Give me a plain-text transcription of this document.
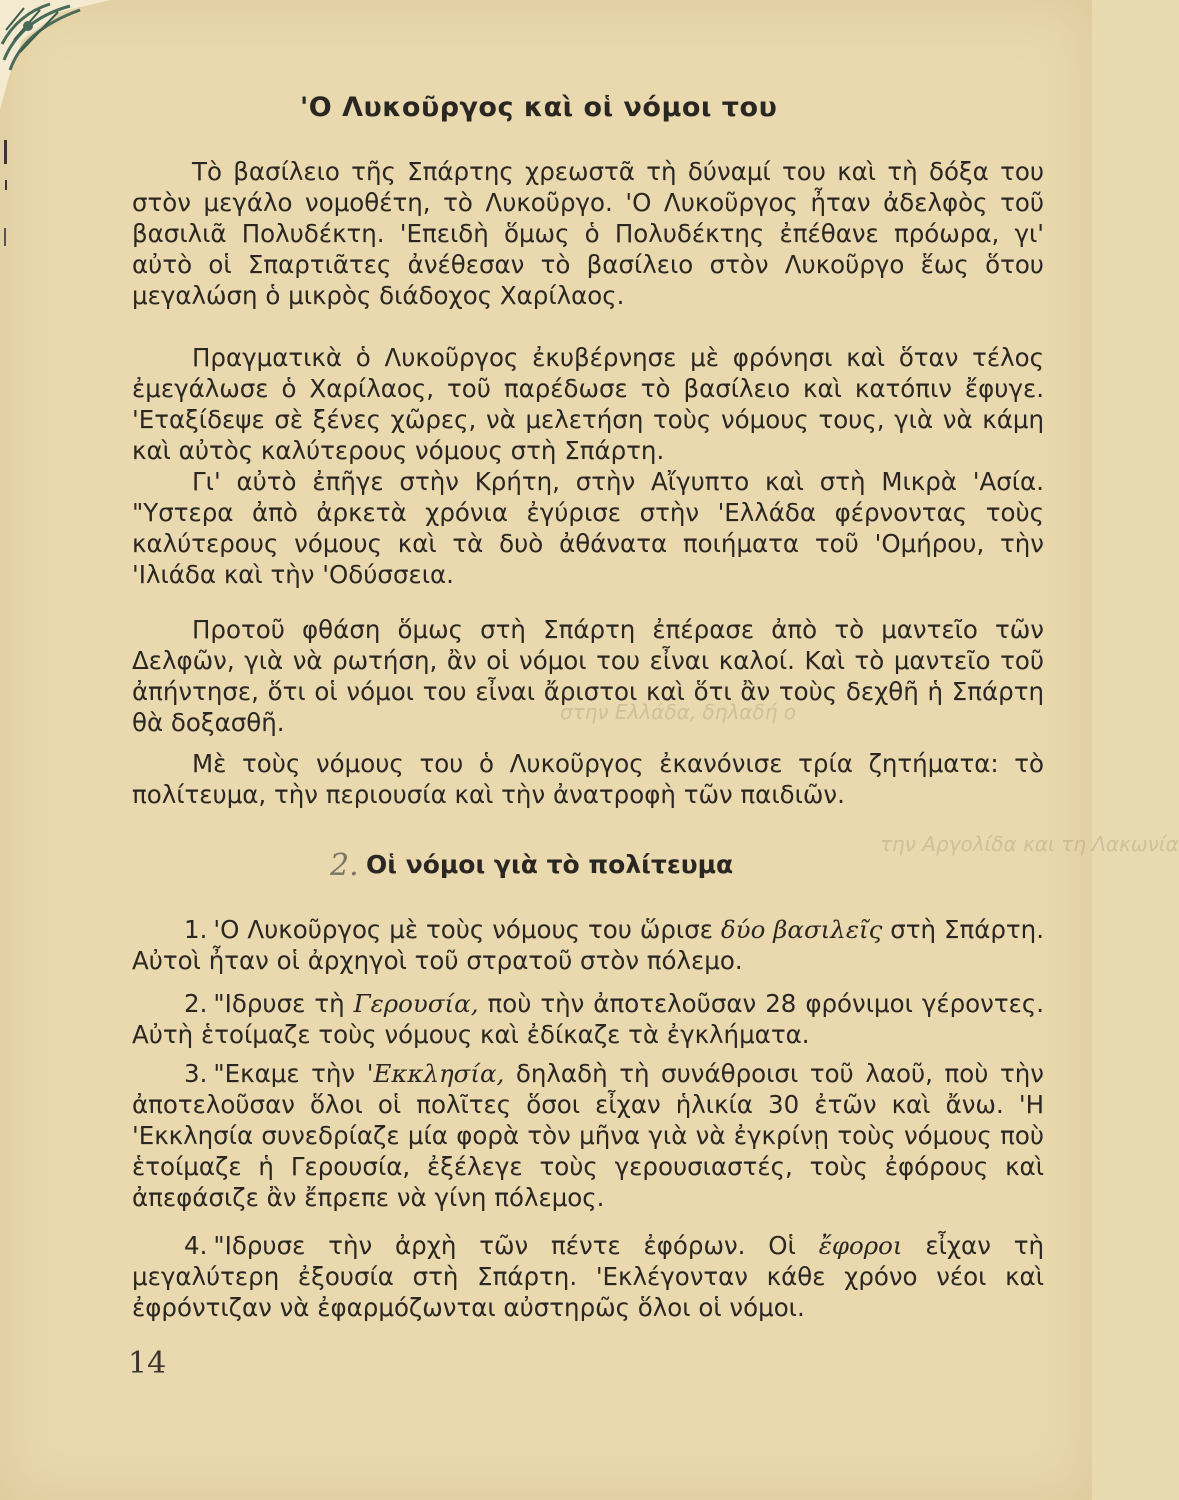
στην Ελλάδα, δηλαδή ο
την Αργολίδα και τη Λακωνία
'Ο Λυκοῦργος καὶ οἱ νόμοι του

Τὸ βασίλειο τῆς Σπάρτης χρεωστᾶ τὴ δύναμί του καὶ τὴ δόξα του στὸν μεγάλο νομοθέτη, τὸ Λυκοῦργο. 'Ο Λυκοῦργος ἦταν ἀδελφὸς τοῦ βασιλιᾶ Πολυδέκτη. 'Επειδὴ ὅμως ὁ Πολυδέκτης ἐπέθανε πρόωρα, γι' αὐτὸ οἱ Σπαρτιᾶτες ἀνέθεσαν τὸ βασίλειο στὸν Λυκοῦργο ἕως ὅτου μεγαλώση ὁ μικρὸς διάδοχος Χαρίλαος.

Πραγματικὰ ὁ Λυκοῦργος ἐκυβέρνησε μὲ φρόνησι καὶ ὅταν τέλος ἐμεγάλωσε ὁ Χαρίλαος, τοῦ παρέδωσε τὸ βασίλειο καὶ κατόπιν ἔφυγε. 'Εταξίδεψε σὲ ξένες χῶρες, νὰ μελετήση τοὺς νόμους τους, γιὰ νὰ κάμη καὶ αὐτὸς καλύτερους νόμους στὴ Σπάρτη.

Γι' αὐτὸ ἐπῆγε στὴν Κρήτη, στὴν Αἴγυπτο καὶ στὴ Μικρὰ 'Ασία. "Υστερα ἀπὸ ἀρκετὰ χρόνια ἐγύρισε στὴν 'Ελλάδα φέρνοντας τοὺς καλύτερους νόμους καὶ τὰ δυὸ ἀθάνατα ποιήματα τοῦ 'Ομήρου, τὴν 'Ιλιάδα καὶ τὴν 'Οδύσσεια.

Προτοῦ φθάση ὅμως στὴ Σπάρτη ἐπέρασε ἀπὸ τὸ μαντεῖο τῶν Δελφῶν, γιὰ νὰ ρωτήση, ἂν οἱ νόμοι του εἶναι καλοί. Καὶ τὸ μαντεῖο τοῦ ἀπήντησε, ὅτι οἱ νόμοι του εἶναι ἄριστοι καὶ ὅτι ἂν τοὺς δεχθῆ ἡ Σπάρτη θὰ δοξασθῆ.

Μὲ τοὺς νόμους του ὁ Λυκοῦργος ἐκανόνισε τρία ζητήματα: τὸ πολίτευμα, τὴν περιουσία καὶ τὴν ἀνατροφὴ τῶν παιδιῶν.

2. Οἱ νόμοι γιὰ τὸ πολίτευμα

1. 'Ο Λυκοῦργος μὲ τοὺς νόμους του ὥρισε δύο βασιλεῖς στὴ Σπάρτη. Αὐτοὶ ἦταν οἱ ἀρχηγοὶ τοῦ στρατοῦ στὸν πόλεμο.

2. "Ιδρυσε τὴ Γερουσία, ποὺ τὴν ἀποτελοῦσαν 28 φρόνιμοι γέροντες. Αὐτὴ ἑτοίμαζε τοὺς νόμους καὶ ἐδίκαζε τὰ ἐγκλήματα.

3. "Εκαμε τὴν 'Εκκλησία, δηλαδὴ τὴ συνάθροισι τοῦ λαοῦ, ποὺ τὴν ἀποτελοῦσαν ὅλοι οἱ πολῖτες ὅσοι εἶχαν ἡλικία 30 ἐτῶν καὶ ἄνω. 'Η 'Εκκλησία συνεδρίαζε μία φορὰ τὸν μῆνα γιὰ νὰ ἐγκρίνῃ τοὺς νόμους ποὺ ἑτοίμαζε ἡ Γερουσία, ἐξέλεγε τοὺς γερουσιαστές, τοὺς ἐφόρους καὶ ἀπεφάσιζε ἂν ἔπρεπε νὰ γίνη πόλεμος.

4. "Ιδρυσε τὴν ἀρχὴ τῶν πέντε ἐφόρων. Οἱ ἔφοροι εἶχαν τὴ μεγαλύτερη ἐξουσία στὴ Σπάρτη. 'Εκλέγονταν κάθε χρόνο νέοι καὶ ἐφρόντιζαν νὰ ἐφαρμόζωνται αὐστηρῶς ὅλοι οἱ νόμοι.

14
